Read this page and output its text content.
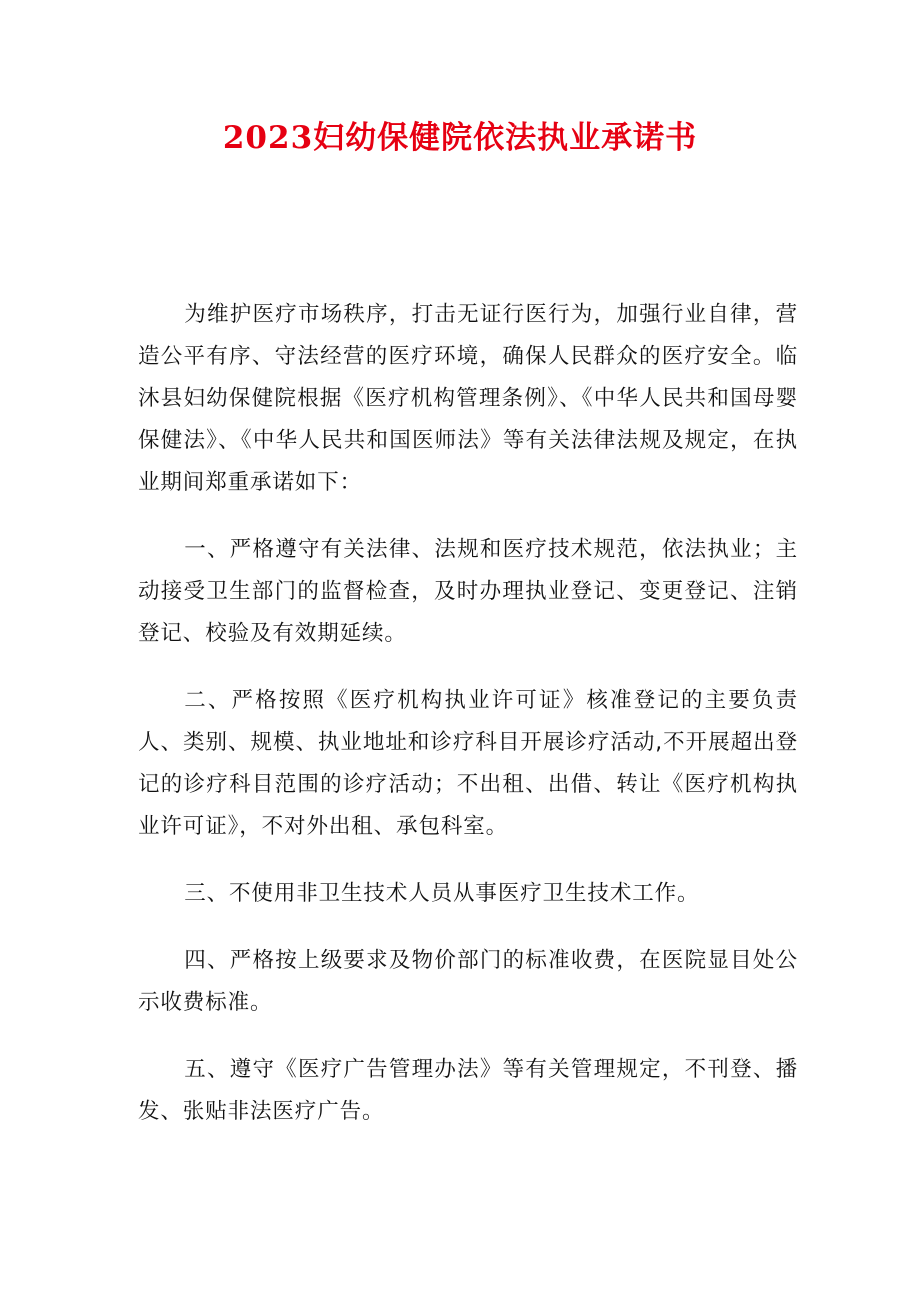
2023妇幼保健院依法执业承诺书

为维护医疗市场秩序，打击无证行医行为，加强行业自律，营造公平有序、守法经营的医疗环境，确保人民群众的医疗安全。临沐县妇幼保健院根据《医疗机构管理条例》、《中华人民共和国母婴保健法》、《中华人民共和国医师法》等有关法律法规及规定，在执业期间郑重承诺如下：

一、严格遵守有关法律、法规和医疗技术规范，依法执业；主动接受卫生部门的监督检查，及时办理执业登记、变更登记、注销登记、校验及有效期延续。

二、严格按照《医疗机构执业许可证》核准登记的主要负责人、类别、规模、执业地址和诊疗科目开展诊疗活动,不开展超出登记的诊疗科目范围的诊疗活动；不出租、出借、转让《医疗机构执业许可证》，不对外出租、承包科室。

三、不使用非卫生技术人员从事医疗卫生技术工作。

四、严格按上级要求及物价部门的标准收费，在医院显目处公示收费标准。

五、遵守《医疗广告管理办法》等有关管理规定，不刊登、播发、张贴非法医疗广告。
